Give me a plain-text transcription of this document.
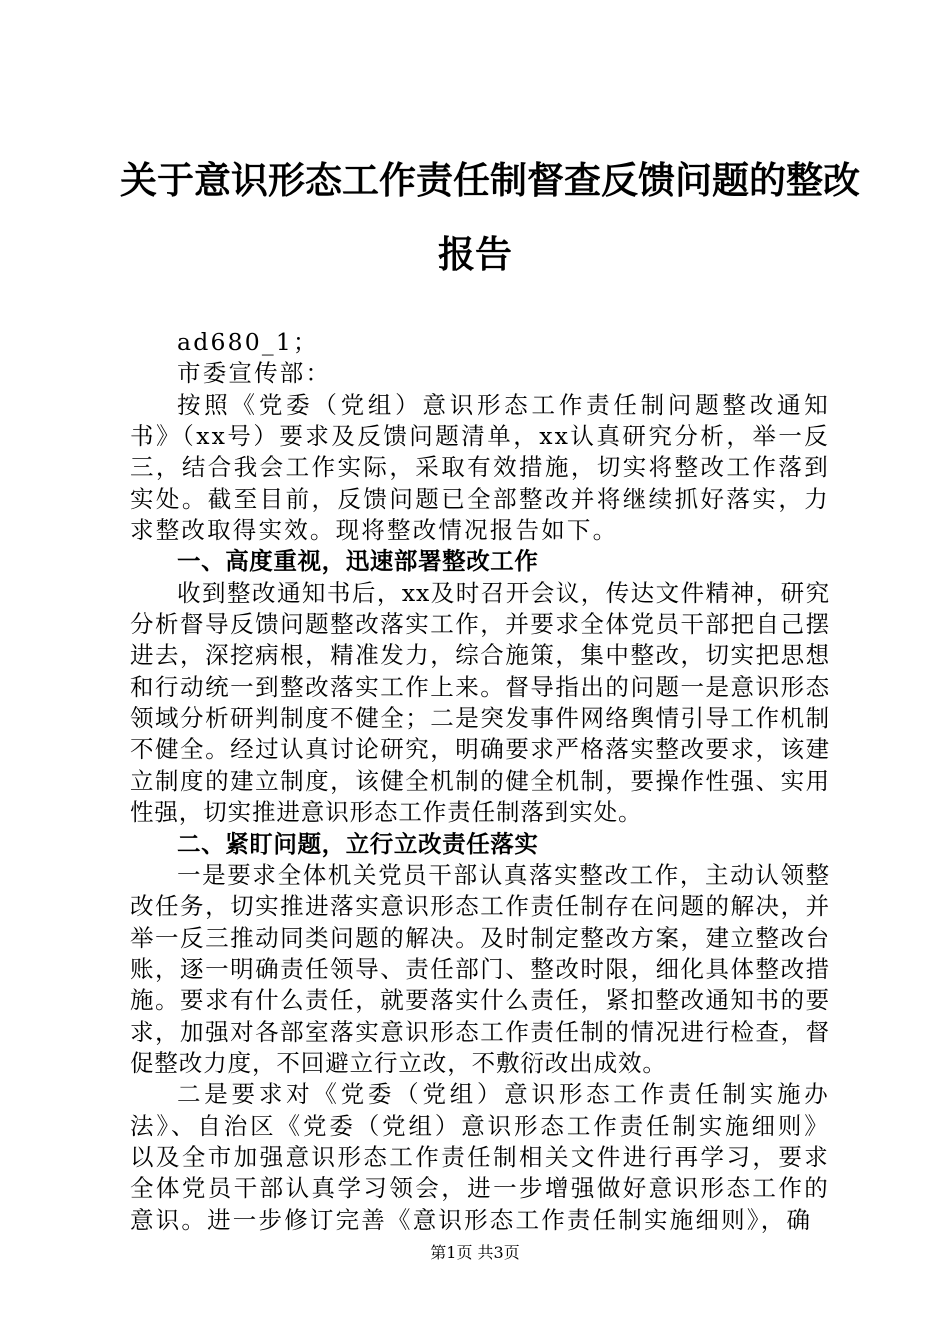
关于意识形态工作责任制督查反馈问题的整改
报告

ad680_1；

市委宣传部：

按照《党委（党组）意识形态工作责任制问题整改通知书》（xx号）要求及反馈问题清单，xx认真研究分析，举一反三，结合我会工作实际，采取有效措施，切实将整改工作落到实处。截至目前，反馈问题已全部整改并将继续抓好落实，力求整改取得实效。现将整改情况报告如下。

一、高度重视，迅速部署整改工作

收到整改通知书后，xx及时召开会议，传达文件精神，研究分析督导反馈问题整改落实工作，并要求全体党员干部把自己摆进去，深挖病根，精准发力，综合施策，集中整改，切实把思想和行动统一到整改落实工作上来。督导指出的问题一是意识形态领域分析研判制度不健全；二是突发事件网络舆情引导工作机制不健全。经过认真讨论研究，明确要求严格落实整改要求，该建立制度的建立制度，该健全机制的健全机制，要操作性强、实用性强，切实推进意识形态工作责任制落到实处。

二、紧盯问题，立行立改责任落实

一是要求全体机关党员干部认真落实整改工作，主动认领整改任务，切实推进落实意识形态工作责任制存在问题的解决，并举一反三推动同类问题的解决。及时制定整改方案，建立整改台账，逐一明确责任领导、责任部门、整改时限，细化具体整改措施。要求有什么责任，就要落实什么责任，紧扣整改通知书的要求，加强对各部室落实意识形态工作责任制的情况进行检查，督促整改力度，不回避立行立改，不敷衍改出成效。

二是要求对《党委（党组）意识形态工作责任制实施办法》、自治区《党委（党组）意识形态工作责任制实施细则》以及全市加强意识形态工作责任制相关文件进行再学习，要求全体党员干部认真学习领会，进一步增强做好意识形态工作的意识。进一步修订完善《意识形态工作责任制实施细则》，确

第1页 共3页
